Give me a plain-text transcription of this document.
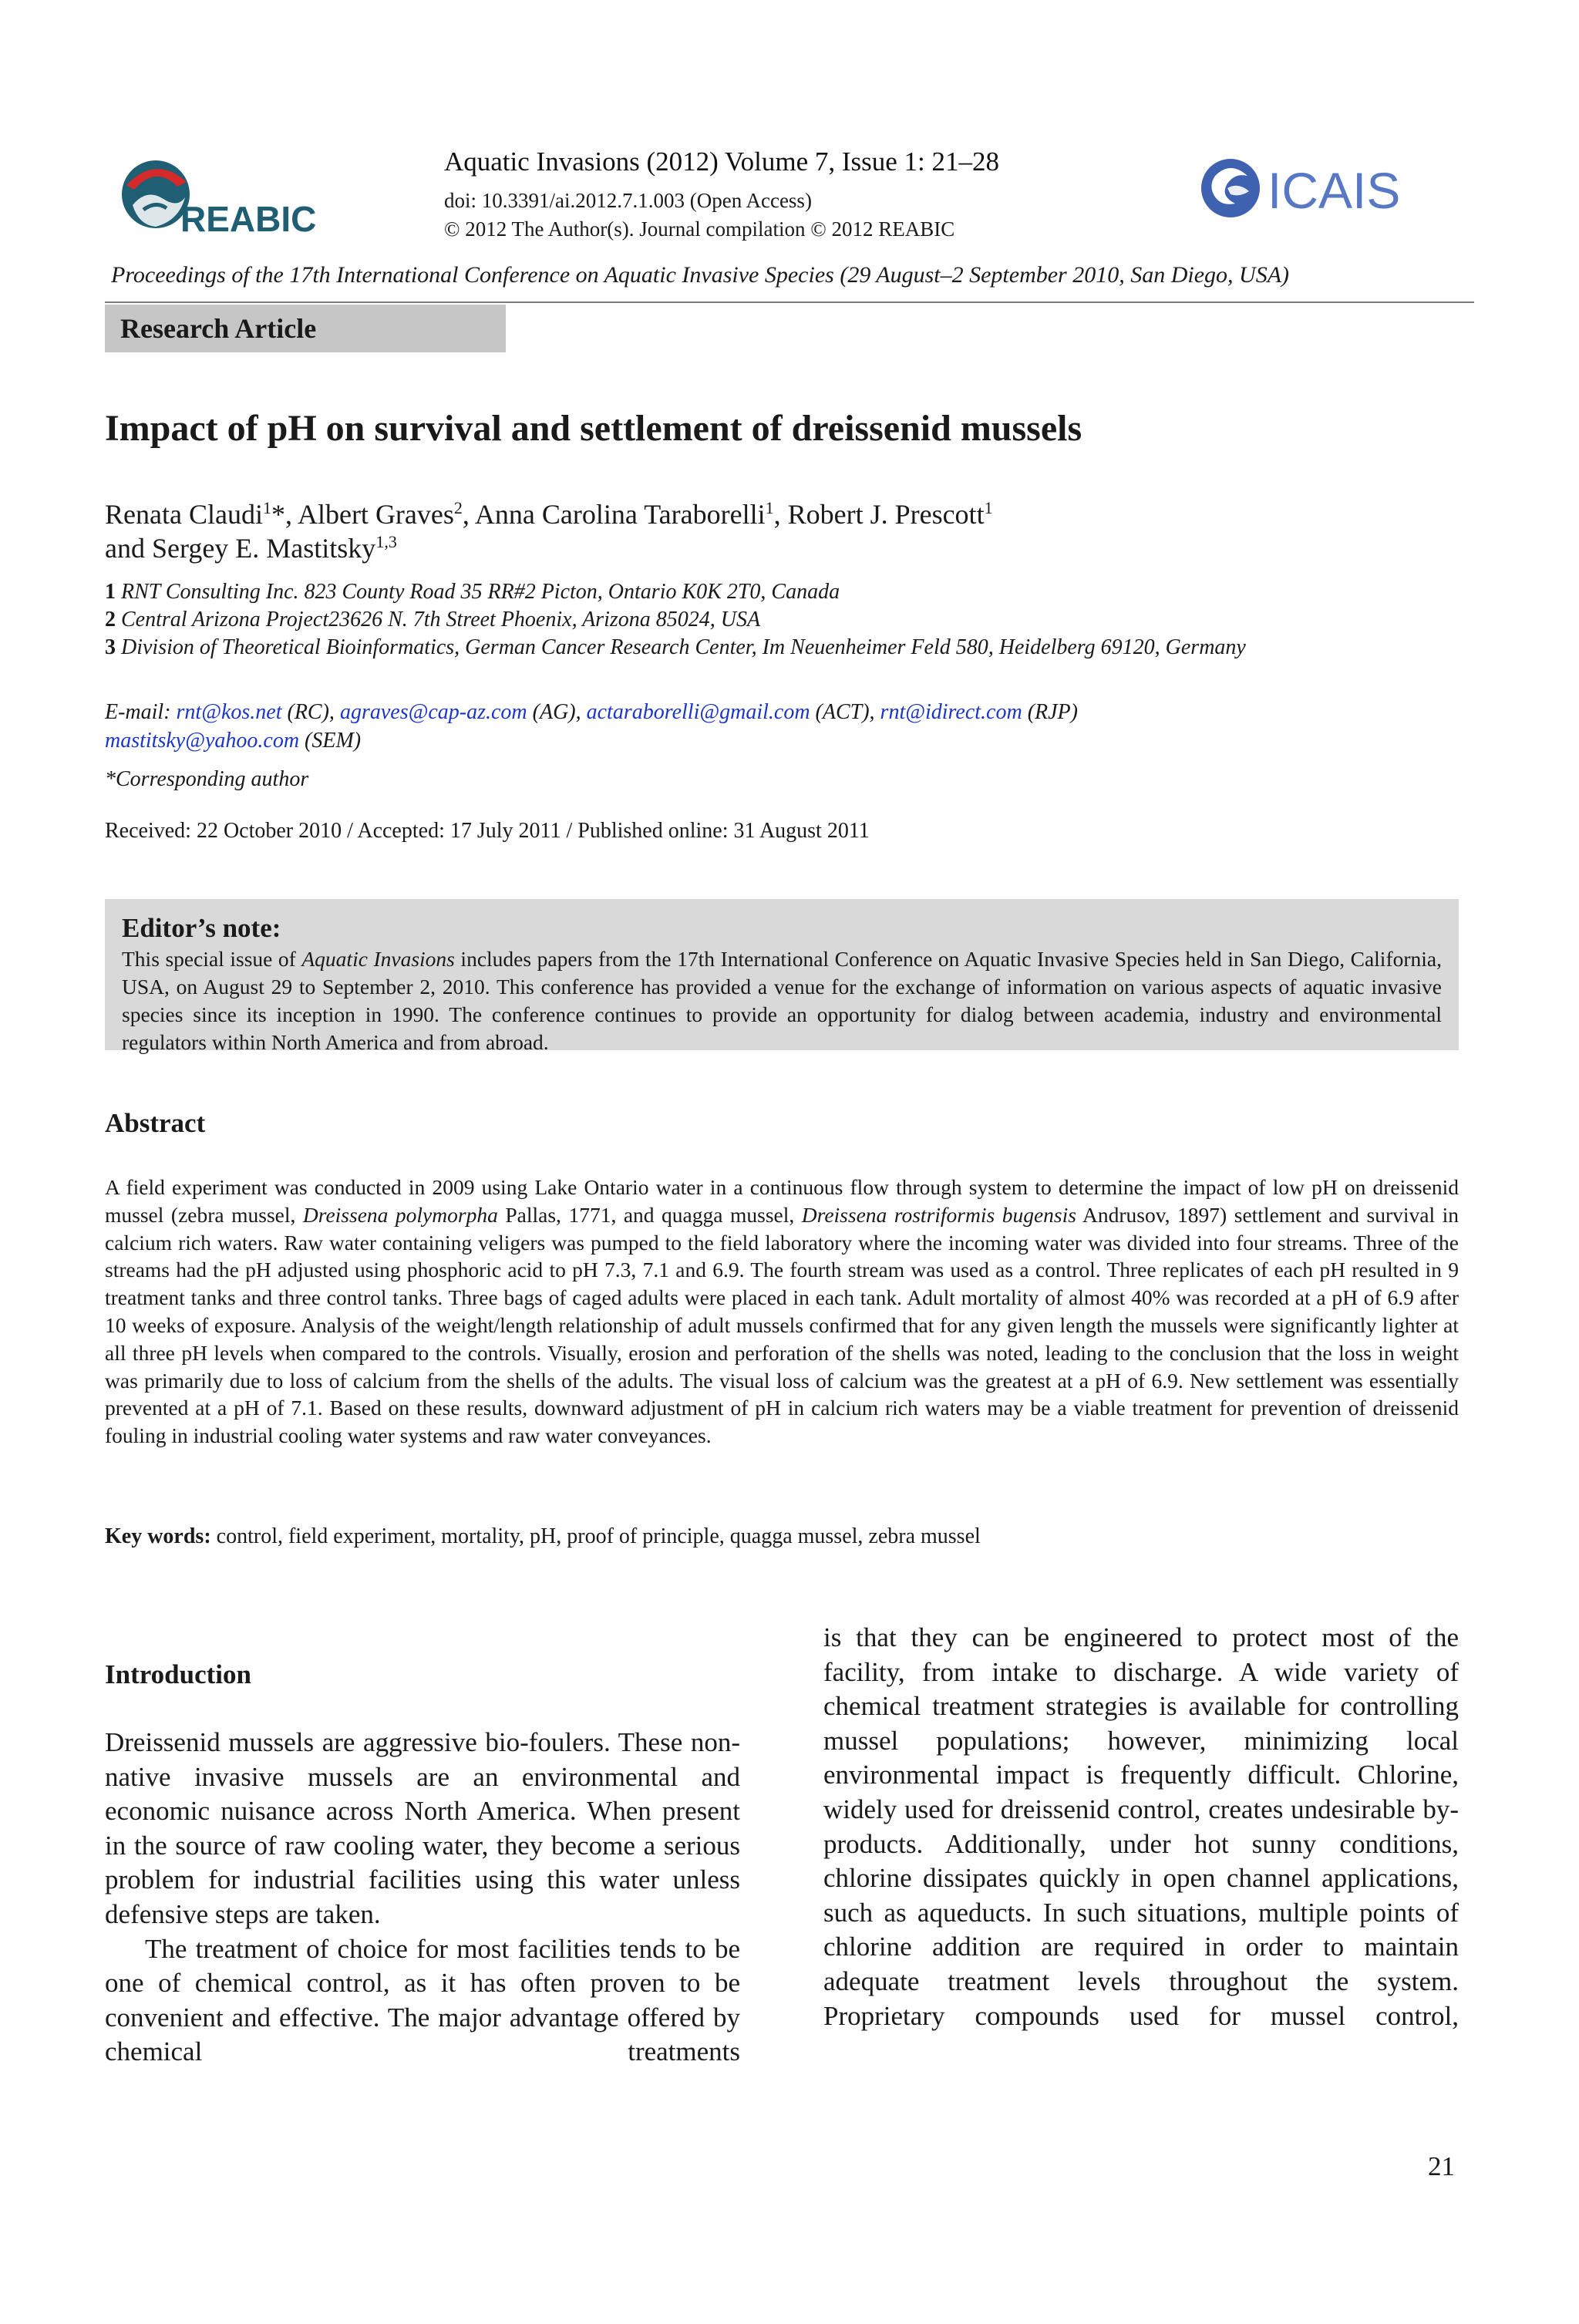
REABIC
Aquatic Invasions (2012) Volume 7, Issue 1: 21–28
doi: 10.3391/ai.2012.7.1.003 (Open Access)
© 2012 The Author(s). Journal compilation © 2012 REABIC
ICAIS
Proceedings of the 17th International Conference on Aquatic Invasive Species (29 August–2 September 2010, San Diego, USA)
Research Article
Impact of pH on survival and settlement of dreissenid mussels
Renata Claudi$^1$*, Albert Graves$^2$, Anna Carolina Taraborelli$^1$, Robert J. Prescott$^1$
and Sergey E. Mastitsky$^{1,3}$
1 RNT Consulting Inc. 823 County Road 35 RR#2 Picton, Ontario K0K 2T0, Canada
2 Central Arizona Project23626 N. 7th Street Phoenix, Arizona 85024, USA
3 Division of Theoretical Bioinformatics, German Cancer Research Center, Im Neuenheimer Feld 580, Heidelberg 69120, Germany
E-mail: rnt@kos.net (RC), agraves@cap-az.com (AG), actaraborelli@gmail.com (ACT), rnt@idirect.com (RJP)
mastitsky@yahoo.com (SEM)
*Corresponding author
Received: 22 October 2010 / Accepted: 17 July 2011 / Published online: 31 August 2011
Editor’s note:
This special issue of Aquatic Invasions includes papers from the 17th International Conference on Aquatic Invasive Species held in San Diego, California, USA, on August 29 to September 2, 2010. This conference has provided a venue for the exchange of information on various aspects of aquatic invasive species since its inception in 1990. The conference continues to provide an opportunity for dialog between academia, industry and environmental regulators within North America and from abroad.
Abstract
A field experiment was conducted in 2009 using Lake Ontario water in a continuous flow through system to determine the impact of low pH on dreissenid mussel (zebra mussel, Dreissena polymorpha Pallas, 1771, and quagga mussel, Dreissena rostriformis bugensis Andrusov, 1897) settlement and survival in calcium rich waters. Raw water containing veligers was pumped to the field laboratory where the incoming water was divided into four streams. Three of the streams had the pH adjusted using phosphoric acid to pH 7.3, 7.1 and 6.9. The fourth stream was used as a control. Three replicates of each pH resulted in 9 treatment tanks and three control tanks. Three bags of caged adults were placed in each tank. Adult mortality of almost 40% was recorded at a pH of 6.9 after 10 weeks of exposure. Analysis of the weight/length relationship of adult mussels confirmed that for any given length the mussels were significantly lighter at all three pH levels when compared to the controls. Visually, erosion and perforation of the shells was noted, leading to the conclusion that the loss in weight was primarily due to loss of calcium from the shells of the adults. The visual loss of calcium was the greatest at a pH of 6.9. New settlement was essentially prevented at a pH of 7.1. Based on these results, downward adjustment of pH in calcium rich waters may be a viable treatment for prevention of dreissenid fouling in industrial cooling water systems and raw water conveyances.
Key words: control, field experiment, mortality, pH, proof of principle, quagga mussel, zebra mussel
Introduction

Dreissenid mussels are aggressive bio-foulers. These non-native invasive mussels are an environmental and economic nuisance across North America. When present in the source of raw cooling water, they become a serious problem for industrial facilities using this water unless defensive steps are taken.

The treatment of choice for most facilities tends to be one of chemical control, as it has often proven to be convenient and effective. The major advantage offered by chemical treatments

is that they can be engineered to protect most of the facility, from intake to discharge. A wide variety of chemical treatment strategies is available for controlling mussel populations; however, minimizing local environmental impact is frequently difficult. Chlorine, widely used for dreissenid control, creates undesirable by-products. Additionally, under hot sunny conditions, chlorine dissipates quickly in open channel applications, such as aqueducts. In such situations, multiple points of chlorine addition are required in order to maintain adequate treatment levels throughout the system. Proprietary compounds used for mussel control,

21
